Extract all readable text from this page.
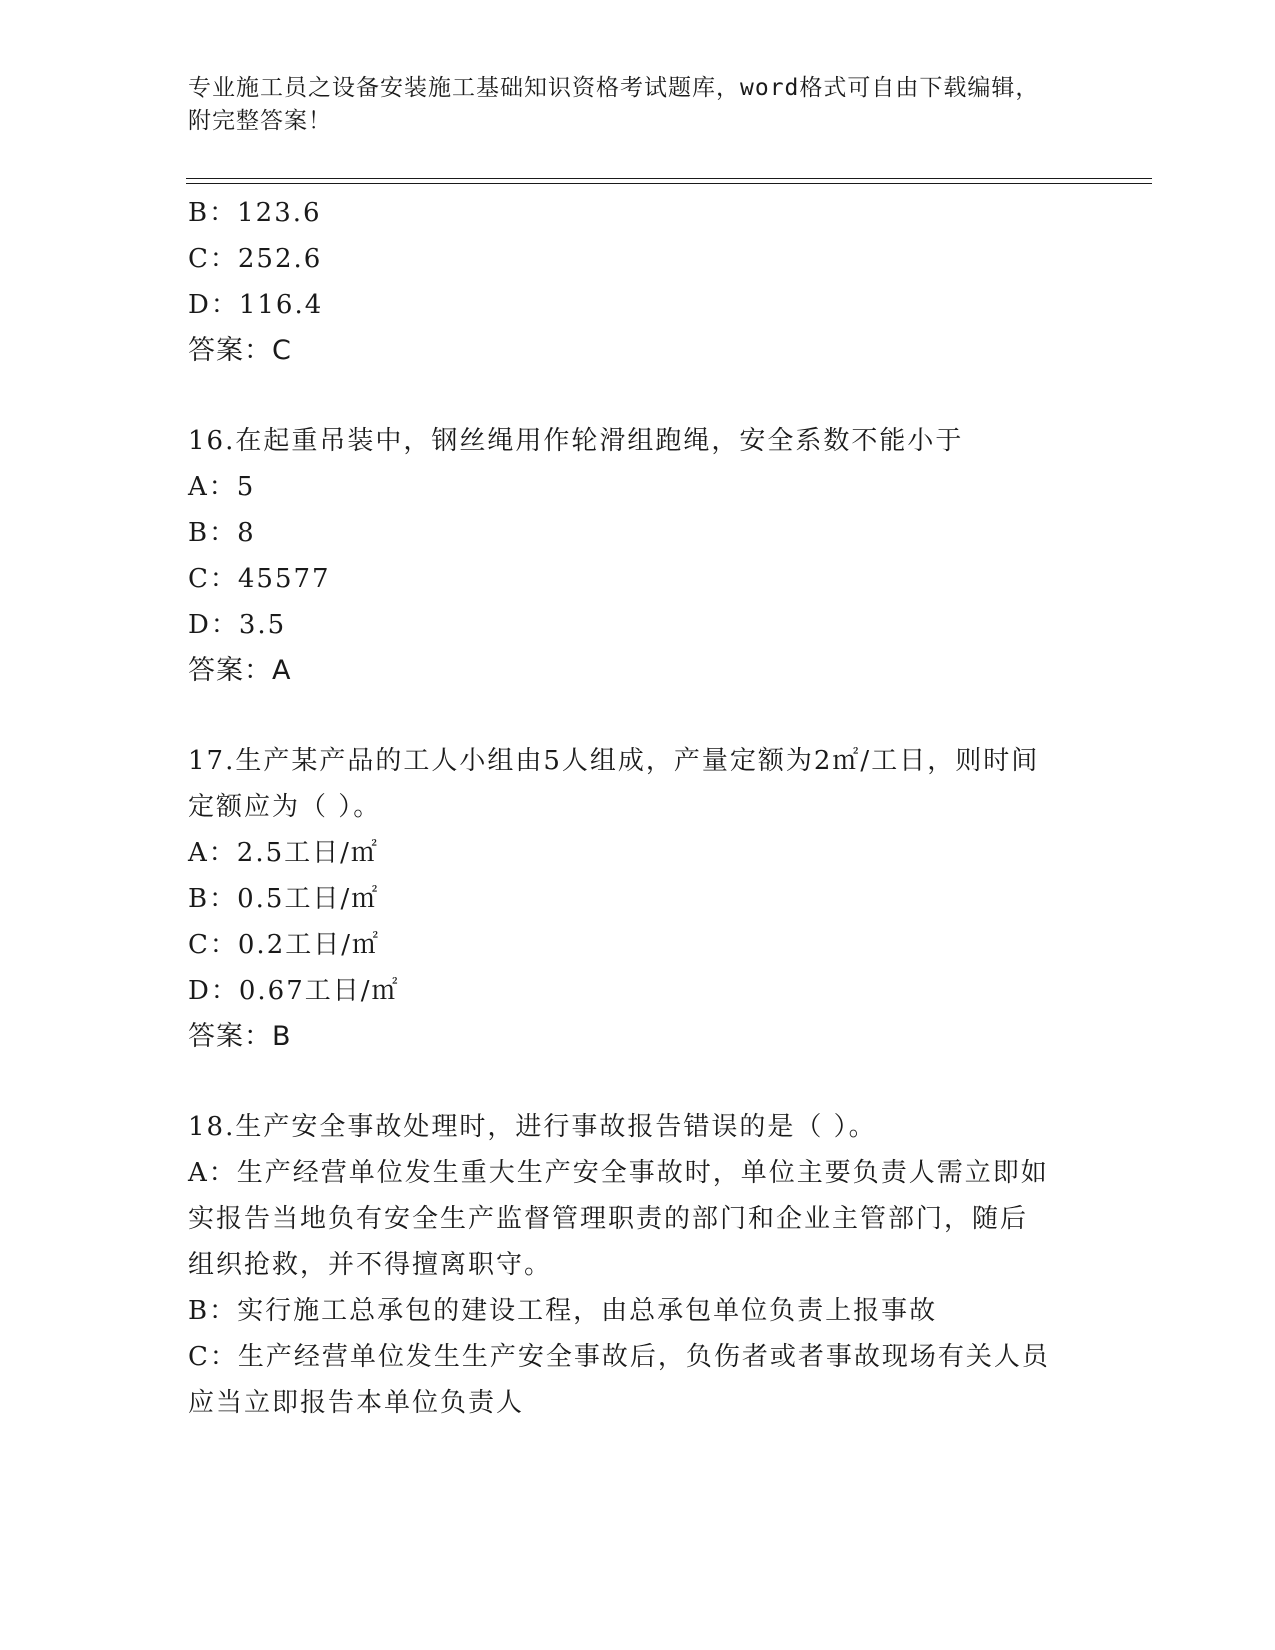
专业施工员之设备安装施工基础知识资格考试题库，word格式可自由下载编辑，
附完整答案！
B：123.6
C：252.6
D：116.4
答案：C
16.在起重吊装中，钢丝绳用作轮滑组跑绳，安全系数不能小于
A：5
B：8
C：45577
D：3.5
答案：A
17.生产某产品的工人小组由5人组成，产量定额为2㎡/工日，则时间
定额应为（ ）。
A：2.5工日/㎡
B：0.5工日/㎡
C：0.2工日/㎡
D：0.67工日/㎡
答案：B
18.生产安全事故处理时，进行事故报告错误的是（ ）。
A：生产经营单位发生重大生产安全事故时，单位主要负责人需立即如
实报告当地负有安全生产监督管理职责的部门和企业主管部门，随后
组织抢救，并不得擅离职守。
B：实行施工总承包的建设工程，由总承包单位负责上报事故
C：生产经营单位发生生产安全事故后，负伤者或者事故现场有关人员
应当立即报告本单位负责人
